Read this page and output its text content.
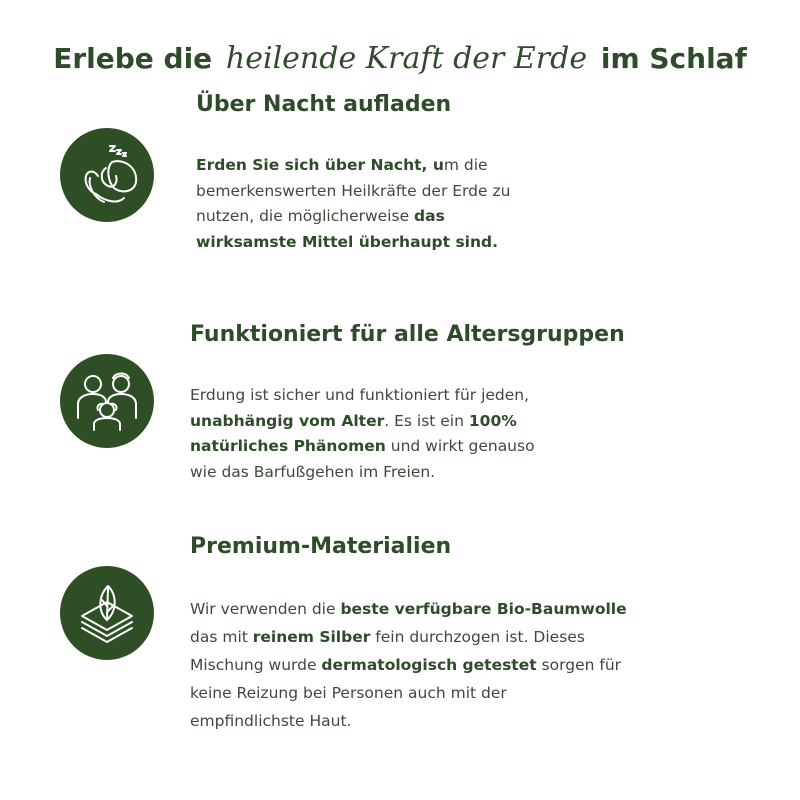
Erlebe die heilende Kraft der Erde im Schlaf
Über Nacht aufladen

Erden Sie sich über Nacht, um die
bemerkenswerten Heilkräfte der Erde zu
nutzen, die möglicherweise das
wirksamste Mittel überhaupt sind.

Funktioniert für alle Altersgruppen

Erdung ist sicher und funktioniert für jeden,
unabhängig vom Alter. Es ist ein 100%
natürliches Phänomen und wirkt genauso
wie das Barfußgehen im Freien.

Premium-Materialien

Wir verwenden die beste verfügbare Bio-Baumwolle
das mit reinem Silber fein durchzogen ist. Dieses
Mischung wurde dermatologisch getestet sorgen für
keine Reizung bei Personen auch mit der
empfindlichste Haut.
